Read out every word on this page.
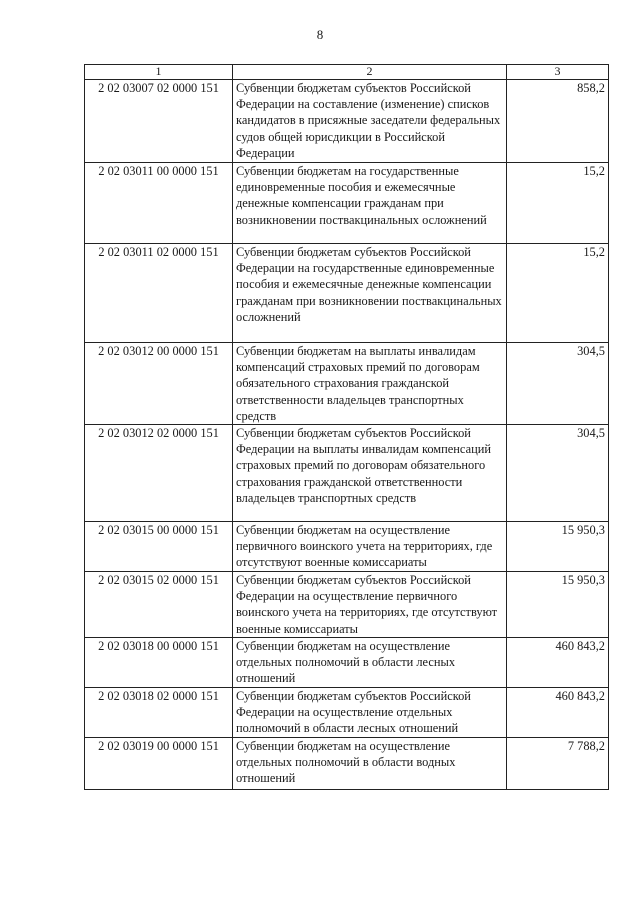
8
1	2	3
2 02 03007 02 0000 151	Субвенции бюджетам субъектов Российской Федерации на составление (изменение) списков кандидатов в присяжные заседатели федеральных судов общей юрисдикции в Российской Федерации	858,2
2 02 03011 00 0000 151	Субвенции бюджетам на государственные единовременные пособия и ежемесячные денежные компенсации гражданам при возникновении поствакцинальных осложнений	15,2
2 02 03011 02 0000 151	Субвенции бюджетам субъектов Российской Федерации на государственные единовременные пособия и ежемесячные денежные компенсации гражданам при возникновении поствакцинальных осложнений	15,2
2 02 03012 00 0000 151	Субвенции бюджетам на выплаты инвалидам компенсаций страховых премий по договорам обязательного страхования гражданской ответственности владельцев транспортных средств	304,5
2 02 03012 02 0000 151	Субвенции бюджетам субъектов Российской Федерации на выплаты инвалидам компенсаций страховых премий по договорам обязательного страхования гражданской ответственности владельцев транспортных средств	304,5
2 02 03015 00 0000 151	Субвенции бюджетам на осуществление первичного воинского учета на территориях, где отсутствуют военные комиссариаты	15 950,3
2 02 03015 02 0000 151	Субвенции бюджетам субъектов Российской Федерации на осуществление первичного воинского учета на территориях, где отсутствуют военные комиссариаты	15 950,3
2 02 03018 00 0000 151	Субвенции бюджетам на осуществление отдельных полномочий в области лесных отношений	460 843,2
2 02 03018 02 0000 151	Субвенции бюджетам субъектов Российской Федерации на осуществление отдельных полномочий в области лесных отношений	460 843,2
2 02 03019 00 0000 151	Субвенции бюджетам на осуществление отдельных полномочий в области водных отношений	7 788,2
